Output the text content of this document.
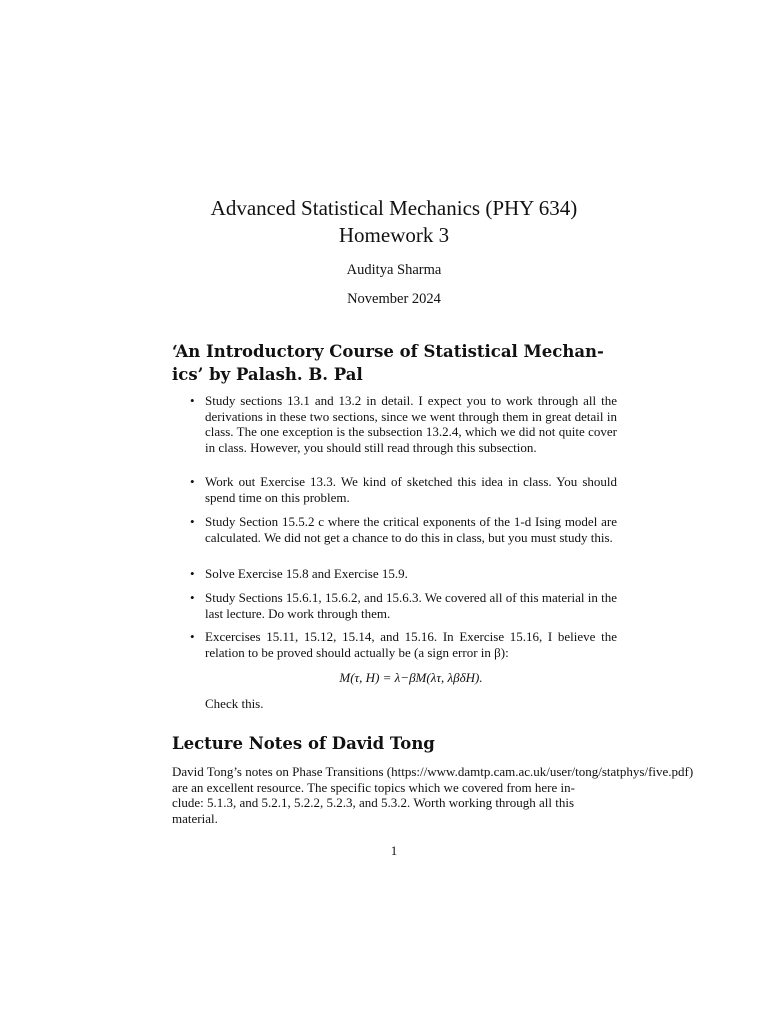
Advanced Statistical Mechanics (PHY 634)
Homework 3
Auditya Sharma
November 2024
‘An Introductory Course of Statistical Mechan-
ics’ by Palash. B. Pal
• Study sections 13.1 and 13.2 in detail. I expect you to work through all the derivations in these two sections, since we went through them in great detail in class. The one exception is the subsection 13.2.4, which we did not quite cover in class. However, you should still read through this subsection.
• Work out Exercise 13.3. We kind of sketched this idea in class. You should spend time on this problem.
• Study Section 15.5.2 c where the critical exponents of the 1-d Ising model are calculated. We did not get a chance to do this in class, but you must study this.
• Solve Exercise 15.8 and Exercise 15.9.
• Study Sections 15.6.1, 15.6.2, and 15.6.3. We covered all of this material in the last lecture. Do work through them.
• Excercises 15.11, 15.12, 15.14, and 15.16. In Exercise 15.16, I believe the relation to be proved should actually be (a sign error in β):
M(τ, H) = λ−βM(λτ, λβδH).
Check this.
Lecture Notes of David Tong
David Tong’s notes on Phase Transitions (https://www.damtp.cam.ac.uk/user/tong/statphys/five.pdf)
are an excellent resource. The specific topics which we covered from here in-
clude: 5.1.3, and 5.2.1, 5.2.2, 5.2.3, and 5.3.2. Worth working through all this
material.
1
